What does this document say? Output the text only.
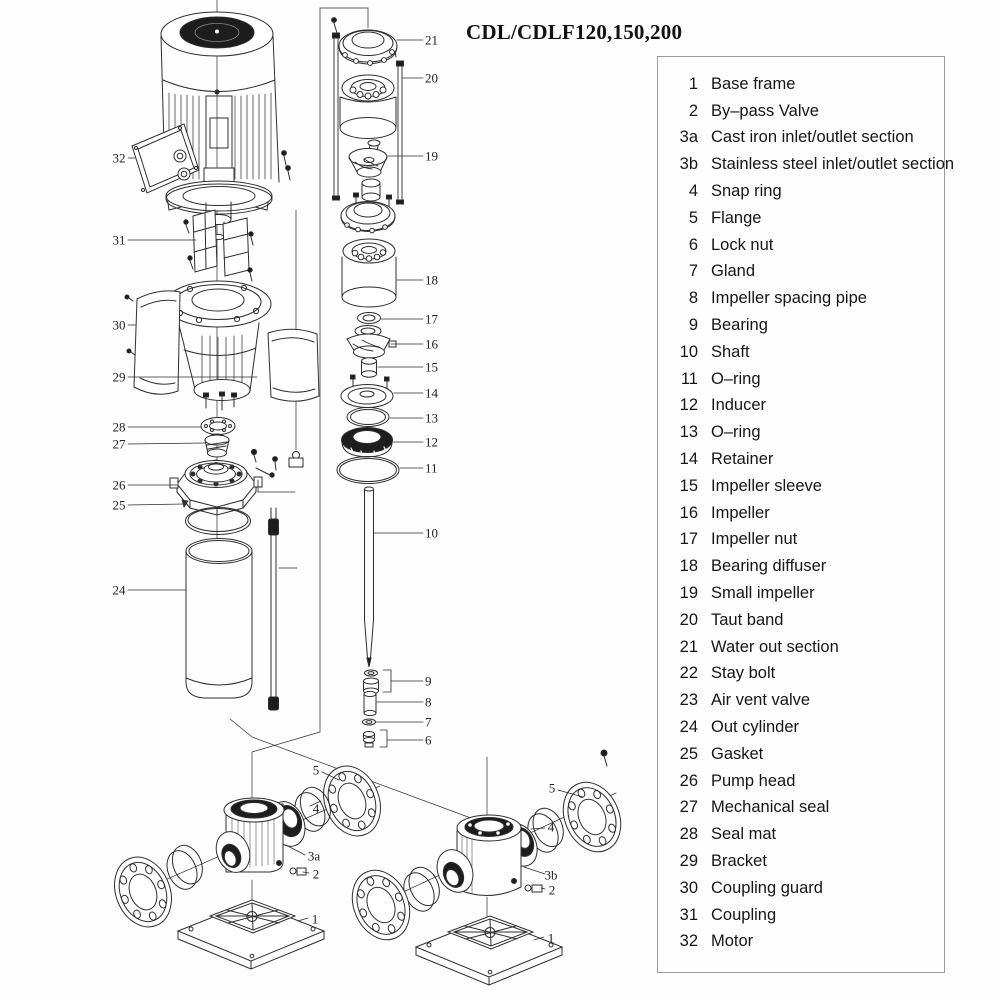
CDL/CDLF120,150,200
1 Base frame
2 By–pass Valve
3a Cast iron inlet/outlet section
3b Stainless steel inlet/outlet section
4 Snap ring
5 Flange
6 Lock nut
7 Gland
8 Impeller spacing pipe
9 Bearing
10 Shaft
11 O–ring
12 Inducer
13 O–ring
14 Retainer
15 Impeller sleeve
16 Impeller
17 Impeller nut
18 Bearing diffuser
19 Small impeller
20 Taut band
21 Water out section
22 Stay bolt
23 Air vent valve
24 Out cylinder
25 Gasket
26 Pump head
27 Mechanical seal
28 Seal mat
29 Bracket
30 Coupling guard
31 Coupling
32 Motor
32
31
30
29
28
27
26
25
24
21
20
19
18
17
16
15
14
13
12
11
10
9
8
7
6
5
4
3a
2
1
5
4
3b
2
1
